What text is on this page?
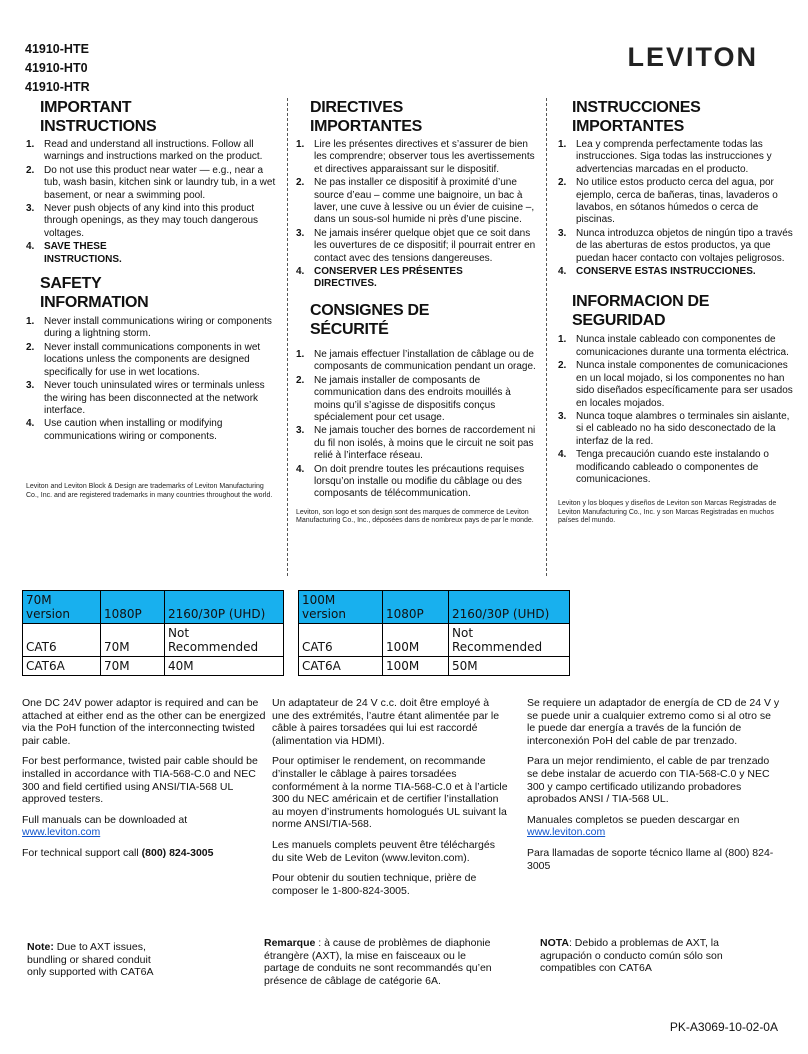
41910-HTE
41910-HT0
41910-HTR
LEVITON
IMPORTANT
INSTRUCTIONS
1. Read and understand all instructions. Follow all warnings and instructions marked on the product.
2. Do not use this product near water — e.g., near a tub, wash basin, kitchen sink or laundry tub, in a wet basement, or near a swimming pool.
3. Never push objects of any kind into this product through openings, as they may touch dangerous voltages.
4. SAVE THESE INSTRUCTIONS.
SAFETY
INFORMATION
1. Never install communications wiring or components during a lightning storm.
2. Never install communications components in wet locations unless the components are designed specifically for use in wet locations.
3. Never touch uninsulated wires or terminals unless the wiring has been disconnected at the network interface.
4. Use caution when installing or modifying communications wiring or components.
Leviton and Leviton Block & Design are trademarks of Leviton Manufacturing Co., Inc. and are registered trademarks in many countries throughout the world.
DIRECTIVES
IMPORTANTES
1. Lire les présentes directives et s’assurer de bien les comprendre; observer tous les avertissements et directives apparaissant sur le dispositif.
2. Ne pas installer ce dispositif à proximité d’une source d’eau – comme une baignoire, un bac à laver, une cuve à lessive ou un évier de cuisine –, dans un sous-sol humide ni près d’une piscine.
3. Ne jamais insérer quelque objet que ce soit dans les ouvertures de ce dispositif; il pourrait entrer en contact avec des tensions dangereuses.
4. CONSERVER LES PRÉSENTES DIRECTIVES.
CONSIGNES DE
SÉCURITÉ
1. Ne jamais effectuer l’installation de câblage ou de composants de communication pendant un orage.
2. Ne jamais installer de composants de communication dans des endroits mouillés à moins qu’il s’agisse de dispositifs conçus spécialement pour cet usage.
3. Ne jamais toucher des bornes de raccordement ni du fil non isolés, à moins que le circuit ne soit pas relié à l’interface réseau.
4. On doit prendre toutes les précautions requises lorsqu’on installe ou modifie du câblage ou des composants de télécommunication.
Leviton, son logo et son design sont des marques de commerce de Leviton Manufacturing Co., Inc., déposées dans de nombreux pays de par le monde.
INSTRUCCIONES
IMPORTANTES
1. Lea y comprenda perfectamente todas las instrucciones. Siga todas las instrucciones y advertencias marcadas en el producto.
2. No utilice estos producto cerca del agua, por ejemplo, cerca de bañeras, tinas, lavaderos o lavabos, en sótanos húmedos o cerca de piscinas.
3. Nunca introduzca objetos de ningún tipo a través de las aberturas de estos productos, ya que puedan hacer contacto con voltajes peligrosos.
4. CONSERVE ESTAS INSTRUCCIONES.
INFORMACION DE
SEGURIDAD
1. Nunca instale cableado con componentes de comunicaciones durante una tormenta eléctrica.
2. Nunca instale componentes de comunicaciones en un local mojado, si los componentes no han sido diseñados específicamente para ser usados en locales mojados.
3. Nunca toque alambres o terminales sin aislante, si el cableado no ha sido desconectado de la interfaz de la red.
4. Tenga precaución cuando este instalando o modificando cableado o componentes de comunicaciones.
Leviton y los bloques y diseños de Leviton son Marcas Registradas de Leviton Manufacturing Co., Inc. y son Marcas Registradas en muchos países del mundo.
70M version	1080P	2160/30P (UHD)
CAT6	70M	Not Recommended
CAT6A	70M	40M
100M version	1080P	2160/30P (UHD)
CAT6	100M	Not Recommended
CAT6A	100M	50M

One DC 24V power adaptor is required and can be attached at either end as the other can be energized via the PoH function of the interconnecting twisted pair cable.

For best performance, twisted pair cable should be installed in accordance with TIA-568-C.0 and NEC 300 and field certified using ANSI/TIA-568 UL approved testers.

Full manuals can be downloaded at
www.leviton.com

For technical support call (800) 824-3005

Un adaptateur de 24 V c.c. doit être employé à une des extrémités, l’autre étant alimentée par le câble à paires torsadées qui lui est raccordé (alimentation via HDMI).

Pour optimiser le rendement, on recommande d’installer le câblage à paires torsadées conformément à la norme TIA-568-C.0 et à l’article 300 du NEC américain et de certifier l’installation au moyen d’instruments homologués UL suivant la norme ANSI/TIA-568.

Les manuels complets peuvent être téléchargés du site Web de Leviton (www.leviton.com).

Pour obtenir du soutien technique, prière de composer le 1-800-824-3005.

Se requiere un adaptador de energía de CD de 24 V y se puede unir a cualquier extremo como si al otro se le puede dar energía a través de la función de interconexión PoH del cable de par trenzado.

Para un mejor rendimiento, el cable de par trenzado se debe instalar de acuerdo con TIA-568-C.0 y NEC 300 y campo certificado utilizando probadores aprobados ANSI / TIA-568 UL.

Manuales completos se pueden descargar en
www.leviton.com

Para llamadas de soporte técnico llame al (800) 824-3005

Note: Due to AXT issues, bundling or shared conduit only supported with CAT6A
Remarque : à cause de problèmes de diaphonie étrangère (AXT), la mise en faisceaux ou le partage de conduits ne sont recommandés qu’en présence de câblage de catégorie 6A.
NOTA: Debido a problemas de AXT, la agrupación o conducto común sólo son compatibles con CAT6A
PK-A3069-10-02-0A
